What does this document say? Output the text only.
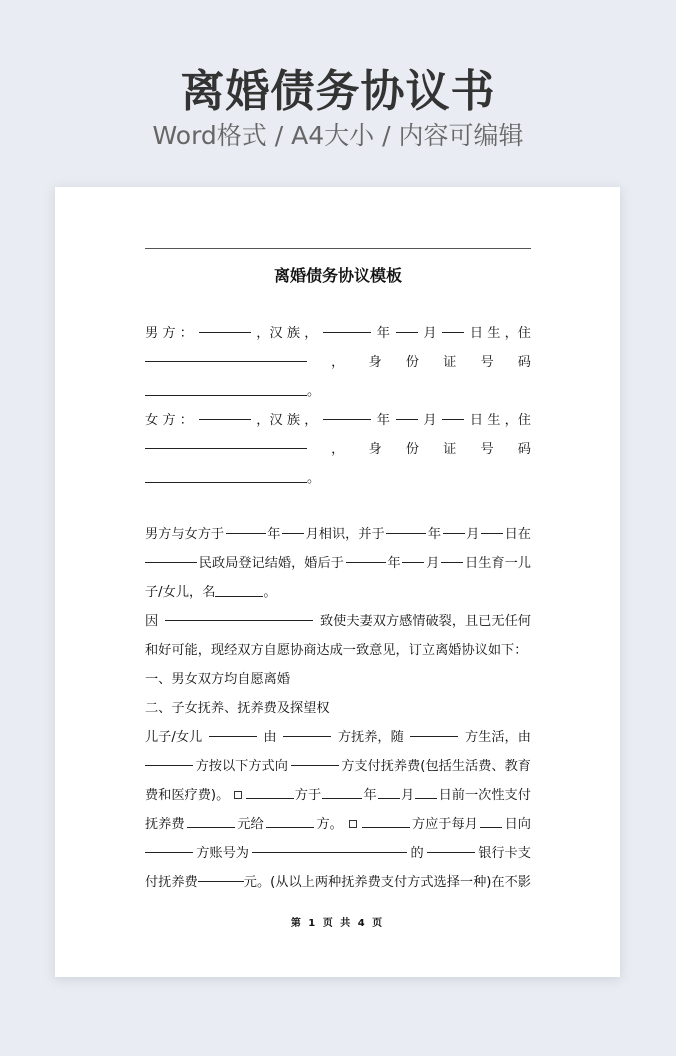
离婚债务协议书
Word格式 / A4大小 / 内容可编辑
离婚债务协议模板
男 方 ：	，汉 族 ，	年	月	日 生 ，住
， 身 份 证 号 码
。
女 方 ：	，汉 族 ，	年	月	日 生 ，住
， 身 份 证 号 码
。
男方与女方于	年 月相识，并于	年 月 日在
民政局登记结婚，婚后于	年 月 日生育一儿
子/女儿，名	。
因	致使夫妻双方感情破裂，且已无任何
和好可能，现经双方自愿协商达成一致意见，订立离婚协议如下：
一、男女双方均自愿离婚
二、子女抚养、抚养费及探望权
儿子/女儿	由	方抚养，随	方生活，由
方按以下方式向	方支付抚养费(包括生活费、教育
费和医疗费)。	方于	年 月 日前一次性支付
抚养费	元给	方。	方应于每月 日向
方账号为	的	银行卡支
付抚养费	元。(从以上两种抚养费支付方式选择一种)在不影
第 1 页 共 4 页
